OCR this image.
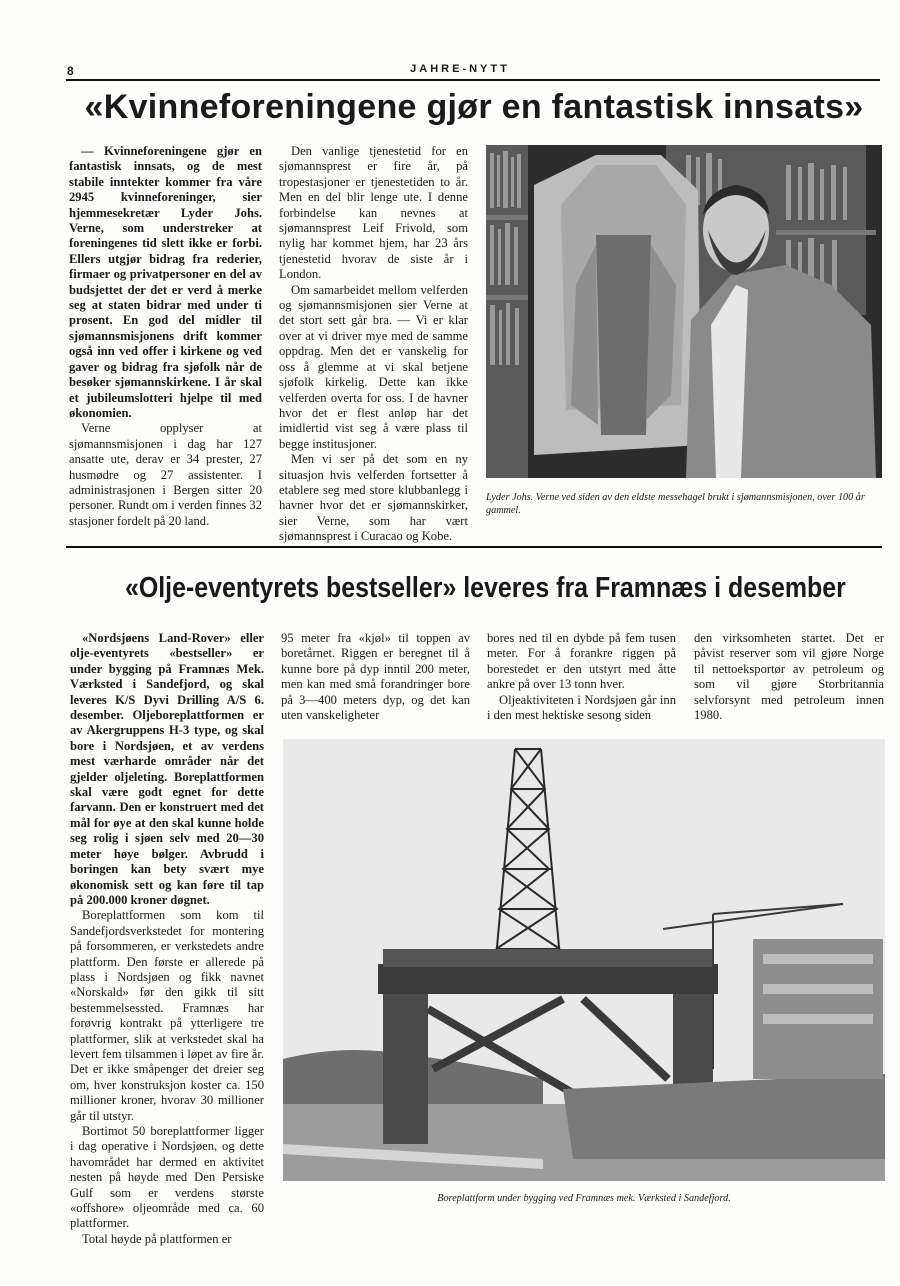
8	JAHRE-NYTT
«Kvinneforeningene gjør en fantastisk innsats»

— Kvinneforeningene gjør en fantastisk innsats, og de mest stabile inntekter kommer fra våre 2945 kvinneforeninger, sier hjemmesekretær Lyder Johs. Verne, som understreker at foreningenes tid slett ikke er forbi. Ellers utgjør bidrag fra rederier, firmaer og privatpersoner en del av budsjettet der det er verd å merke seg at staten bidrar med under ti prosent. En god del midler til sjømannsmisjonens drift kommer også inn ved offer i kirkene og ved gaver og bidrag fra sjøfolk når de besøker sjømannskirkene. I år skal et jubileumslotteri hjelpe til med økonomien.

Verne opplyser at sjømannsmisjonen i dag har 127 ansatte ute, derav er 34 prester, 27 husmødre og 27 assistenter. I administrasjonen i Bergen sitter 20 personer. Rundt om i verden finnes 32 stasjoner fordelt på 20 land.

Den vanlige tjenestetid for en sjømannsprest er fire år, på tropestasjoner er tjenestetiden to år. Men en del blir lenge ute. I denne forbindelse kan nevnes at sjømannsprest Leif Frivold, som nylig har kommet hjem, har 23 års tjenestetid hvorav de siste år i London.

Om samarbeidet mellom velferden og sjømannsmisjonen sier Verne at det stort sett går bra. — Vi er klar over at vi driver mye med de samme oppdrag. Men det er vanskelig for oss å glemme at vi skal betjene sjøfolk kirkelig. Dette kan ikke velferden overta for oss. I de havner hvor det er flest anløp har det imidlertid vist seg å være plass til begge institusjoner.

Men vi ser på det som en ny situasjon hvis velferden fortsetter å etablere seg med store klubbanlegg i havner hvor det er sjømannskirker, sier Verne, som har vært sjømannsprest i Curacao og Kobe.

Lyder Johs. Verne ved siden av den eldste messehagel brukt i sjømannsmisjonen, over 100 år gammel.
«Olje-eventyrets bestseller» leveres fra Framnæs i desember

«Nordsjøens Land-Rover» eller olje-eventyrets «bestseller» er under bygging på Framnæs Mek. Værksted i Sandefjord, og skal leveres K/S Dyvi Drilling A/S 6. desember. Oljeboreplattformen er av Akergruppens H-3 type, og skal bore i Nordsjøen, et av verdens mest værharde områder når det gjelder oljeleting. Boreplattformen skal være godt egnet for dette farvann. Den er konstruert med det mål for øye at den skal kunne holde seg rolig i sjøen selv med 20—30 meter høye bølger. Avbrudd i boringen kan bety svært mye økonomisk sett og kan føre til tap på 200.000 kroner døgnet.

Boreplattformen som kom til Sandefjordsverkstedet for montering på forsommeren, er verkstedets andre plattform. Den første er allerede på plass i Nordsjøen og fikk navnet «Norskald» før den gikk til sitt bestemmelsessted. Framnæs har forøvrig kontrakt på ytterligere tre plattformer, slik at verkstedet skal ha levert fem tilsammen i løpet av fire år. Det er ikke småpenger det dreier seg om, hver konstruksjon koster ca. 150 millioner kroner, hvorav 30 millioner går til utstyr.

Bortimot 50 boreplattformer ligger i dag operative i Nordsjøen, og dette havområdet har dermed en aktivitet nesten på høyde med Den Persiske Gulf som er verdens største «offshore» oljeområde med ca. 60 plattformer.

Total høyde på plattformen er

95 meter fra «kjøl» til toppen av boretårnet. Riggen er beregnet til å kunne bore på dyp inntil 200 meter, men kan med små forandringer bore på 3—400 meters dyp, og det kan uten vanskeligheter

bores ned til en dybde på fem tusen meter. For å forankre riggen på borestedet er den utstyrt med åtte ankre på over 13 tonn hver.

Oljeaktiviteten i Nordsjøen går inn i den mest hektiske sesong siden

den virksomheten startet. Det er påvist reserver som vil gjøre Norge til nettoeksportør av petroleum og som vil gjøre Storbritannia selvforsynt med petroleum innen 1980.

Boreplattform under bygging ved Framnæs mek. Værksted i Sandefjord.
